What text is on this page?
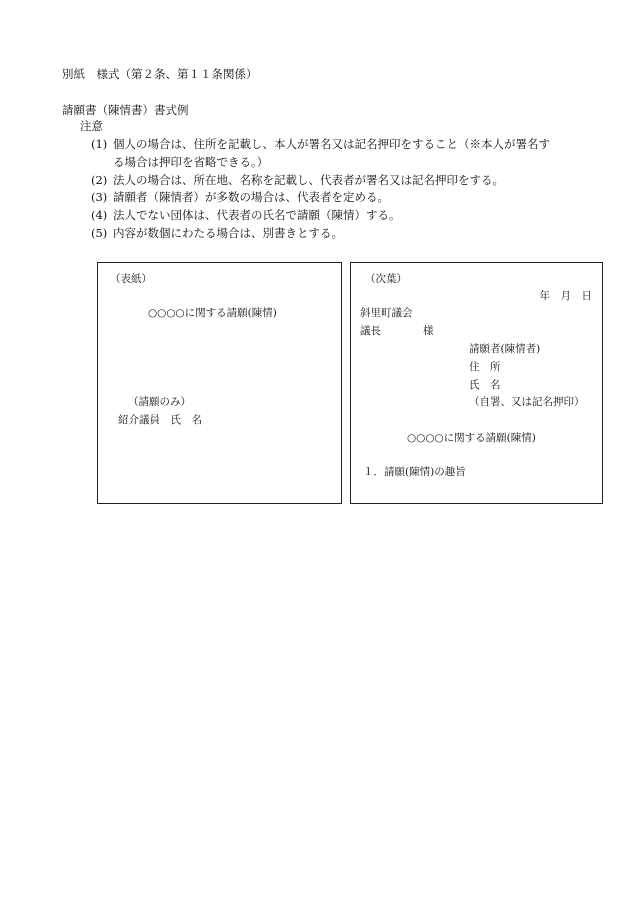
別紙　様式（第２条、第１１条関係）
請願書（陳情書）書式例
注意
(1) 個人の場合は、住所を記載し、本人が署名又は記名押印をすること（※本人が署名す
る場合は押印を省略できる。）
(2) 法人の場合は、所在地、名称を記載し、代表者が署名又は記名押印をする。
(3) 請願者（陳情者）が多数の場合は、代表者を定める。
(4) 法人でない団体は、代表者の氏名で請願（陳情）する。
(5) 内容が数個にわたる場合は、別書きとする。
（表紙）
○○○○に関する請願(陳情)
（請願のみ）
紹介議員　氏　名
（次葉）
年　月　日
斜里町議会
議長　　　　様
請願者(陳情者)
住　所
氏　名
（自署、又は記名押印）
○○○○に関する請願(陳情)
１．請願(陳情)の趣旨
